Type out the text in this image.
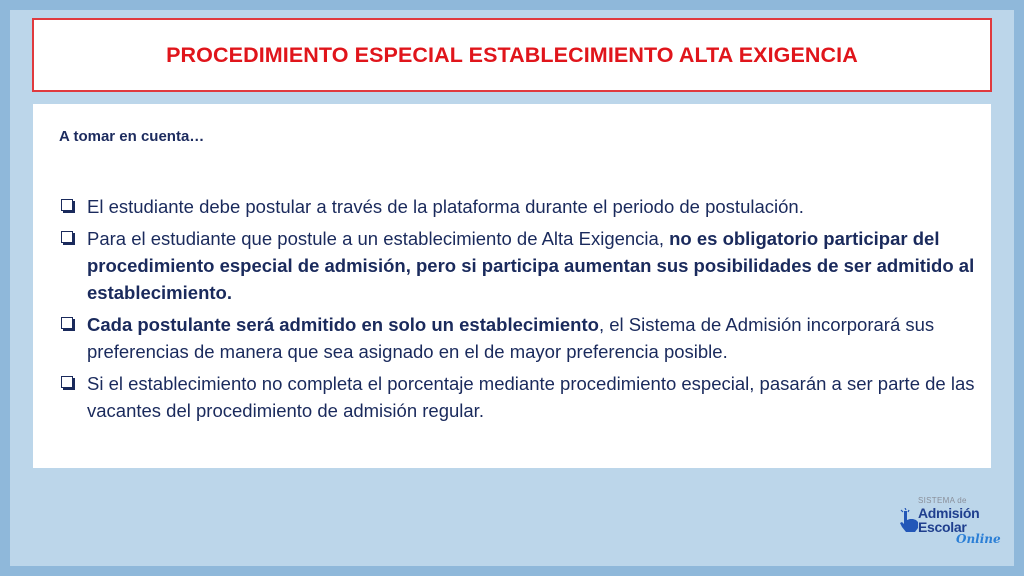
PROCEDIMIENTO ESPECIAL ESTABLECIMIENTO ALTA EXIGENCIA
A tomar en cuenta…
El estudiante debe postular a través de la plataforma durante el periodo de postulación.
Para el estudiante que postule a un establecimiento de Alta Exigencia, no es obligatorio participar del procedimiento especial de admisión, pero si participa aumentan sus posibilidades de ser admitido al establecimiento.
Cada postulante será admitido en solo un establecimiento, el Sistema de Admisión incorporará sus preferencias de manera que sea asignado en el de mayor preferencia posible.
Si el establecimiento no completa el porcentaje mediante procedimiento especial, pasarán a ser parte de las vacantes del procedimiento de admisión regular.
SISTEMA de
Admisión
Escolar
Online
